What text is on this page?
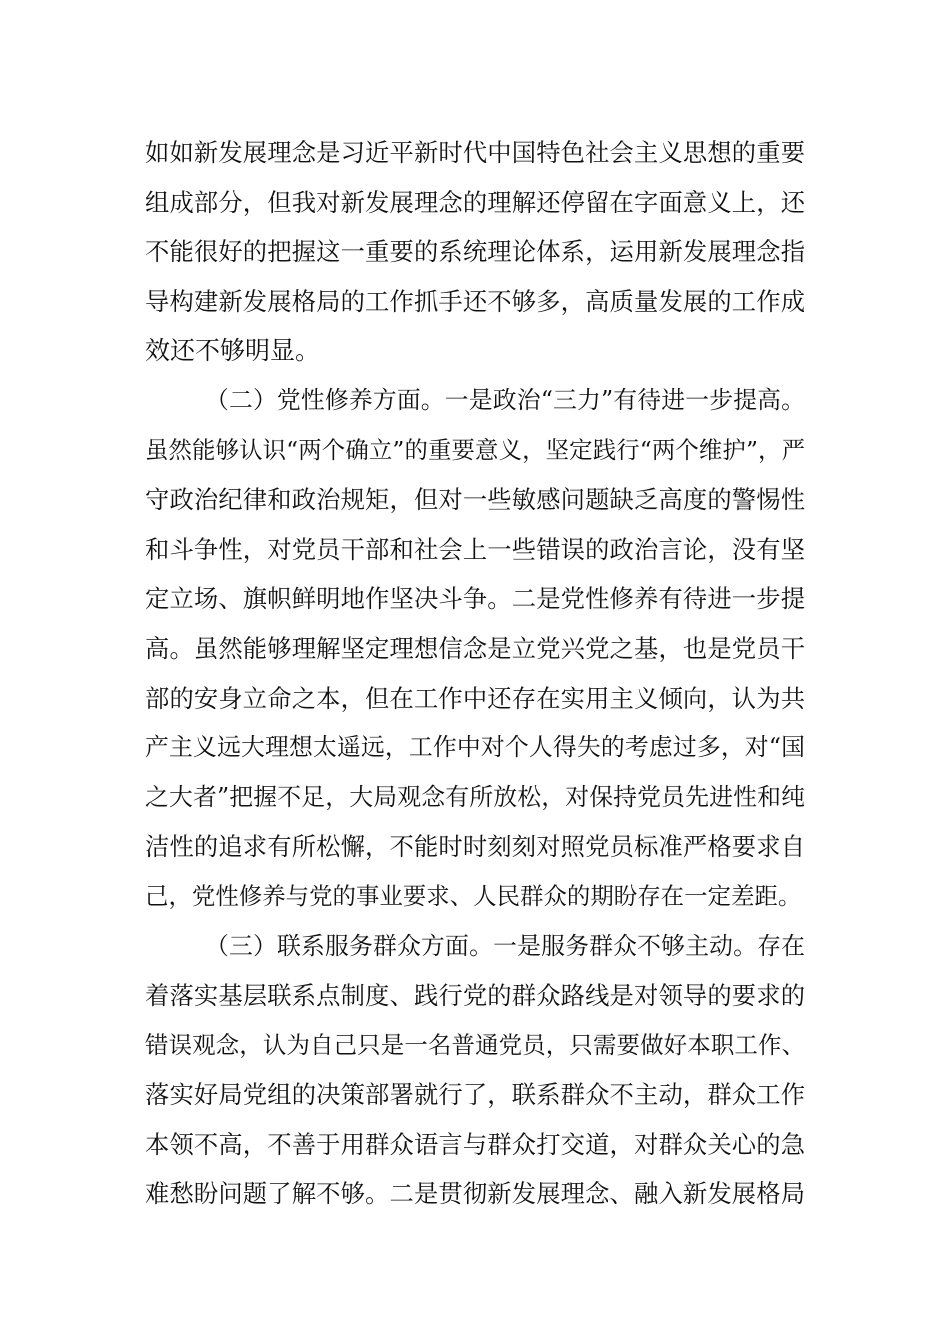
如如新发展理念是习近平新时代中国特色社会主义思想的重要
组成部分，但我对新发展理念的理解还停留在字面意义上，还
不能很好的把握这一重要的系统理论体系，运用新发展理念指
导构建新发展格局的工作抓手还不够多，高质量发展的工作成
效还不够明显。
（二）党性修养方面。一是政治“三力”有待进一步提高。
虽然能够认识“两个确立”的重要意义，坚定践行“两个维护”，严
守政治纪律和政治规矩，但对一些敏感问题缺乏高度的警惕性
和斗争性，对党员干部和社会上一些错误的政治言论，没有坚
定立场、旗帜鲜明地作坚决斗争。二是党性修养有待进一步提
高。虽然能够理解坚定理想信念是立党兴党之基，也是党员干
部的安身立命之本，但在工作中还存在实用主义倾向，认为共
产主义远大理想太遥远，工作中对个人得失的考虑过多，对“国
之大者”把握不足，大局观念有所放松，对保持党员先进性和纯
洁性的追求有所松懈，不能时时刻刻对照党员标准严格要求自
己，党性修养与党的事业要求、人民群众的期盼存在一定差距。
（三）联系服务群众方面。一是服务群众不够主动。存在
着落实基层联系点制度、践行党的群众路线是对领导的要求的
错误观念，认为自己只是一名普通党员，只需要做好本职工作、
落实好局党组的决策部署就行了，联系群众不主动，群众工作
本领不高，不善于用群众语言与群众打交道，对群众关心的急
难愁盼问题了解不够。二是贯彻新发展理念、融入新发展格局
